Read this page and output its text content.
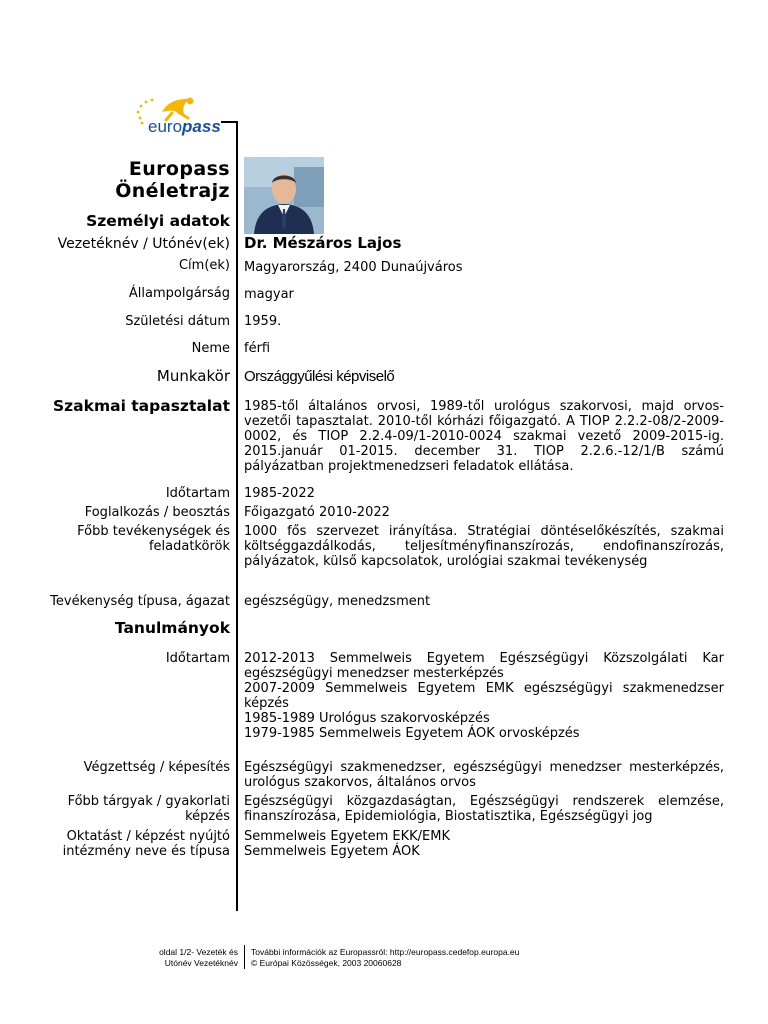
europass
Europass
Önéletrajz
Személyi adatok
Vezetéknév / Utónév(ek) Dr. Mészáros Lajos
Cím(ek) Magyarország, 2400 Dunaújváros
Állampolgárság magyar
Születési dátum 1959.
Neme férfi
Munkakör Országgyűlési képviselő
Szakmai tapasztalat 1985-től általános orvosi, 1989-től urológus szakorvosi, majd orvos-vezetői tapasztalat. 2010-től kórházi főigazgató. A TIOP 2.2.2-08/2-2009-0002, és TIOP 2.2.4-09/1-2010-0024 szakmai vezető 2009-2015-ig. 2015.január 01-2015. december 31. TIOP 2.2.6.-12/1/B számú pályázatban projektmenedzseri feladatok ellátása.
Időtartam 1985-2022
Foglalkozás / beosztás Főigazgató 2010-2022
Főbb tevékenységek és
feladatkörök
1000 fős szervezet irányítása. Stratégiai döntéselőkészítés, szakmai költséggazdálkodás, teljesítményfinanszírozás, endofinanszírozás, pályázatok, külső kapcsolatok, urológiai szakmai tevékenység
Tevékenység típusa, ágazat egészségügy, menedzsment
Tanulmányok
Időtartam 2012-2013 Semmelweis Egyetem Egészségügyi Közszolgálati Kar egészségügyi menedzser mesterképzés
2007-2009 Semmelweis Egyetem EMK egészségügyi szakmenedzser képzés
1985-1989 Urológus szakorvosképzés
1979-1985 Semmelweis Egyetem ÁOK orvosképzés
Végzettség / képesítés Egészségügyi szakmenedzser, egészségügyi menedzser mesterképzés, urológus szakorvos, általános orvos
Főbb tárgyak / gyakorlati
képzés
Egészségügyi közgazdaságtan, Egészségügyi rendszerek elemzése, finanszírozása, Epidemiológia, Biostatisztika, Egészségügyi jog
Oktatást / képzést nyújtó
intézmény neve és típusa
Semmelweis Egyetem EKK/EMK
Semmelweis Egyetem ÁOK
oldal 1/2- Vezeték és
Utónév Vezetéknév
További információk az Europassról: http://europass.cedefop.europa.eu
© Európai Közösségek, 2003 20060628
